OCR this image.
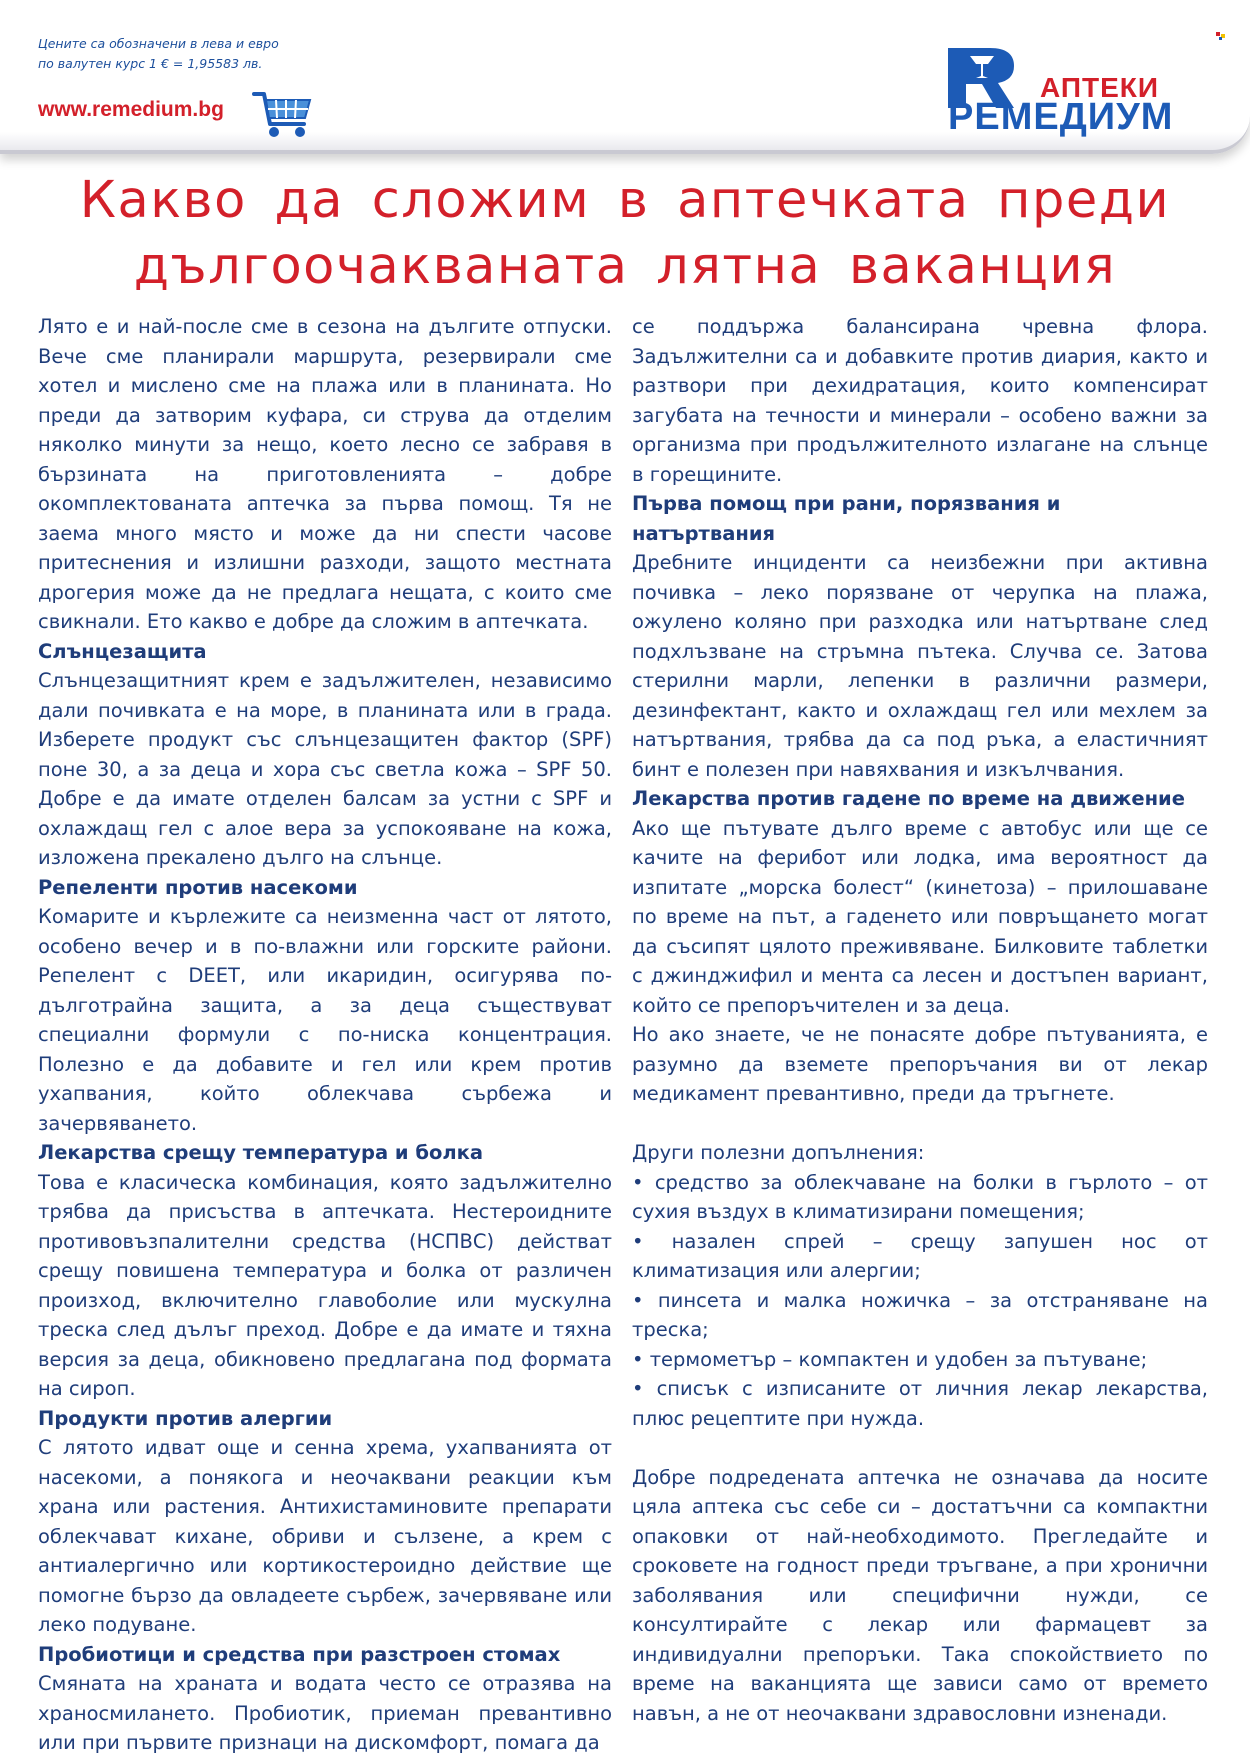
Цените са обозначени в лева и евро
по валутен курс 1 € = 1,95583 лв.
www.remedium.bg
АПТЕКИ
РЕМЕДИУМ
Какво да сложим в аптечката преди
дългоочакваната лятна ваканция

Лято е и най-после сме в сезона на дългите отпуски. Вече сме планирали маршрута, резервирали сме хотел и мислено сме на плажа или в планината. Но преди да затворим куфара, си струва да отделим няколко минути за нещо, което лесно се забравя в бързината на приготовленията – добре окомплектованата аптечка за първа помощ. Тя не заема много място и може да ни спести часове притеснения и излишни разходи, защото местната дрогерия може да не предлага нещата, с които сме свикнали. Ето какво е добре да сложим в аптечката.

Слънцезащита

Слънцезащитният крем е задължителен, независимо дали почивката е на море, в планината или в града. Изберете продукт със слънцезащитен фактор (SPF) поне 30, а за деца и хора със светла кожа – SPF 50. Добре е да имате отделен балсам за устни с SPF и охлаждащ гел с алое вера за успокояване на кожа, изложена прекалено дълго на слънце.

Репеленти против насекоми

Комарите и кърлежите са неизменна част от лятото, особено вечер и в по-влажни или горските райони. Репелент с DEET, или икаридин, осигурява по-дълготрайна защита, а за деца съществуват специални формули с по-ниска концентрация. Полезно е да добавите и гел или крем против ухапвания, който облекчава сърбежа и зачервяването.

Лекарства срещу температура и болка

Това е класическа комбинация, която задължително трябва да присъства в аптечката. Нестероидните противовъзпалителни средства (НСПВС) действат срещу повишена температура и болка от различен произход, включително главоболие или мускулна треска след дълъг преход. Добре е да имате и тяхна версия за деца, обикновено предлагана под формата на сироп.

Продукти против алергии

С лятото идват още и сенна хрема, ухапванията от насекоми, а понякога и неочаквани реакции към храна или растения. Антихистаминовите препарати облекчават кихане, обриви и сълзене, а крем с антиалергично или кортикостероидно действие ще помогне бързо да овладеете сърбеж, зачервяване или леко подуване.

Пробиотици и средства при разстроен стомах

Смяната на храната и водата често се отразява на храносмилането. Пробиотик, приеман превантивно или при първите признаци на дискомфорт, помага да

се поддържа балансирана чревна флора. Задължителни са и добавките против диария, както и разтвори при дехидратация, които компенсират загубата на течности и минерали – особено важни за организма при продължителното излагане на слънце в горещините.

Първа помощ при рани, порязвания и натъртвания

Дребните инциденти са неизбежни при активна почивка – леко порязване от черупка на плажа, ожулено коляно при разходка или натъртване след подхлъзване на стръмна пътека. Случва се. Затова стерилни марли, лепенки в различни размери, дезинфектант, както и охлаждащ гел или мехлем за натъртвания, трябва да са под ръка, а еластичният бинт е полезен при навяхвания и изкълчвания.

Лекарства против гадене по време на движение

Ако ще пътувате дълго време с автобус или ще се качите на ферибот или лодка, има вероятност да изпитате „морска болест“ (кинетоза) – прилошаване по време на път, а гаденето или повръщането могат да съсипят цялото преживяване. Билковите таблетки с джинджифил и мента са лесен и достъпен вариант, който се препоръчителен и за деца.

Но ако знаете, че не понасяте добре пътуванията, е разумно да вземете препоръчания ви от лекар медикамент превантивно, преди да тръгнете.

Други полезни допълнения:

• средство за облекчаване на болки в гърлото – от сухия въздух в климатизирани помещения;

• назален спрей – срещу запушен нос от климатизация или алергии;

• пинсета и малка ножичка – за отстраняване на треска;

• термометър – компактен и удобен за пътуване;

• списък с изписаните от личния лекар лекарства, плюс рецептите при нужда.

Добре подредената аптечка не означава да носите цяла аптека със себе си – достатъчни са компактни опаковки от най-необходимото. Прегледайте и сроковете на годност преди тръгване, а при хронични заболявания или специфични нужди, се консултирайте с лекар или фармацевт за индивидуални препоръки. Така спокойствието по време на ваканцията ще зависи само от времето навън, а не от неочаквани здравословни изненади.
